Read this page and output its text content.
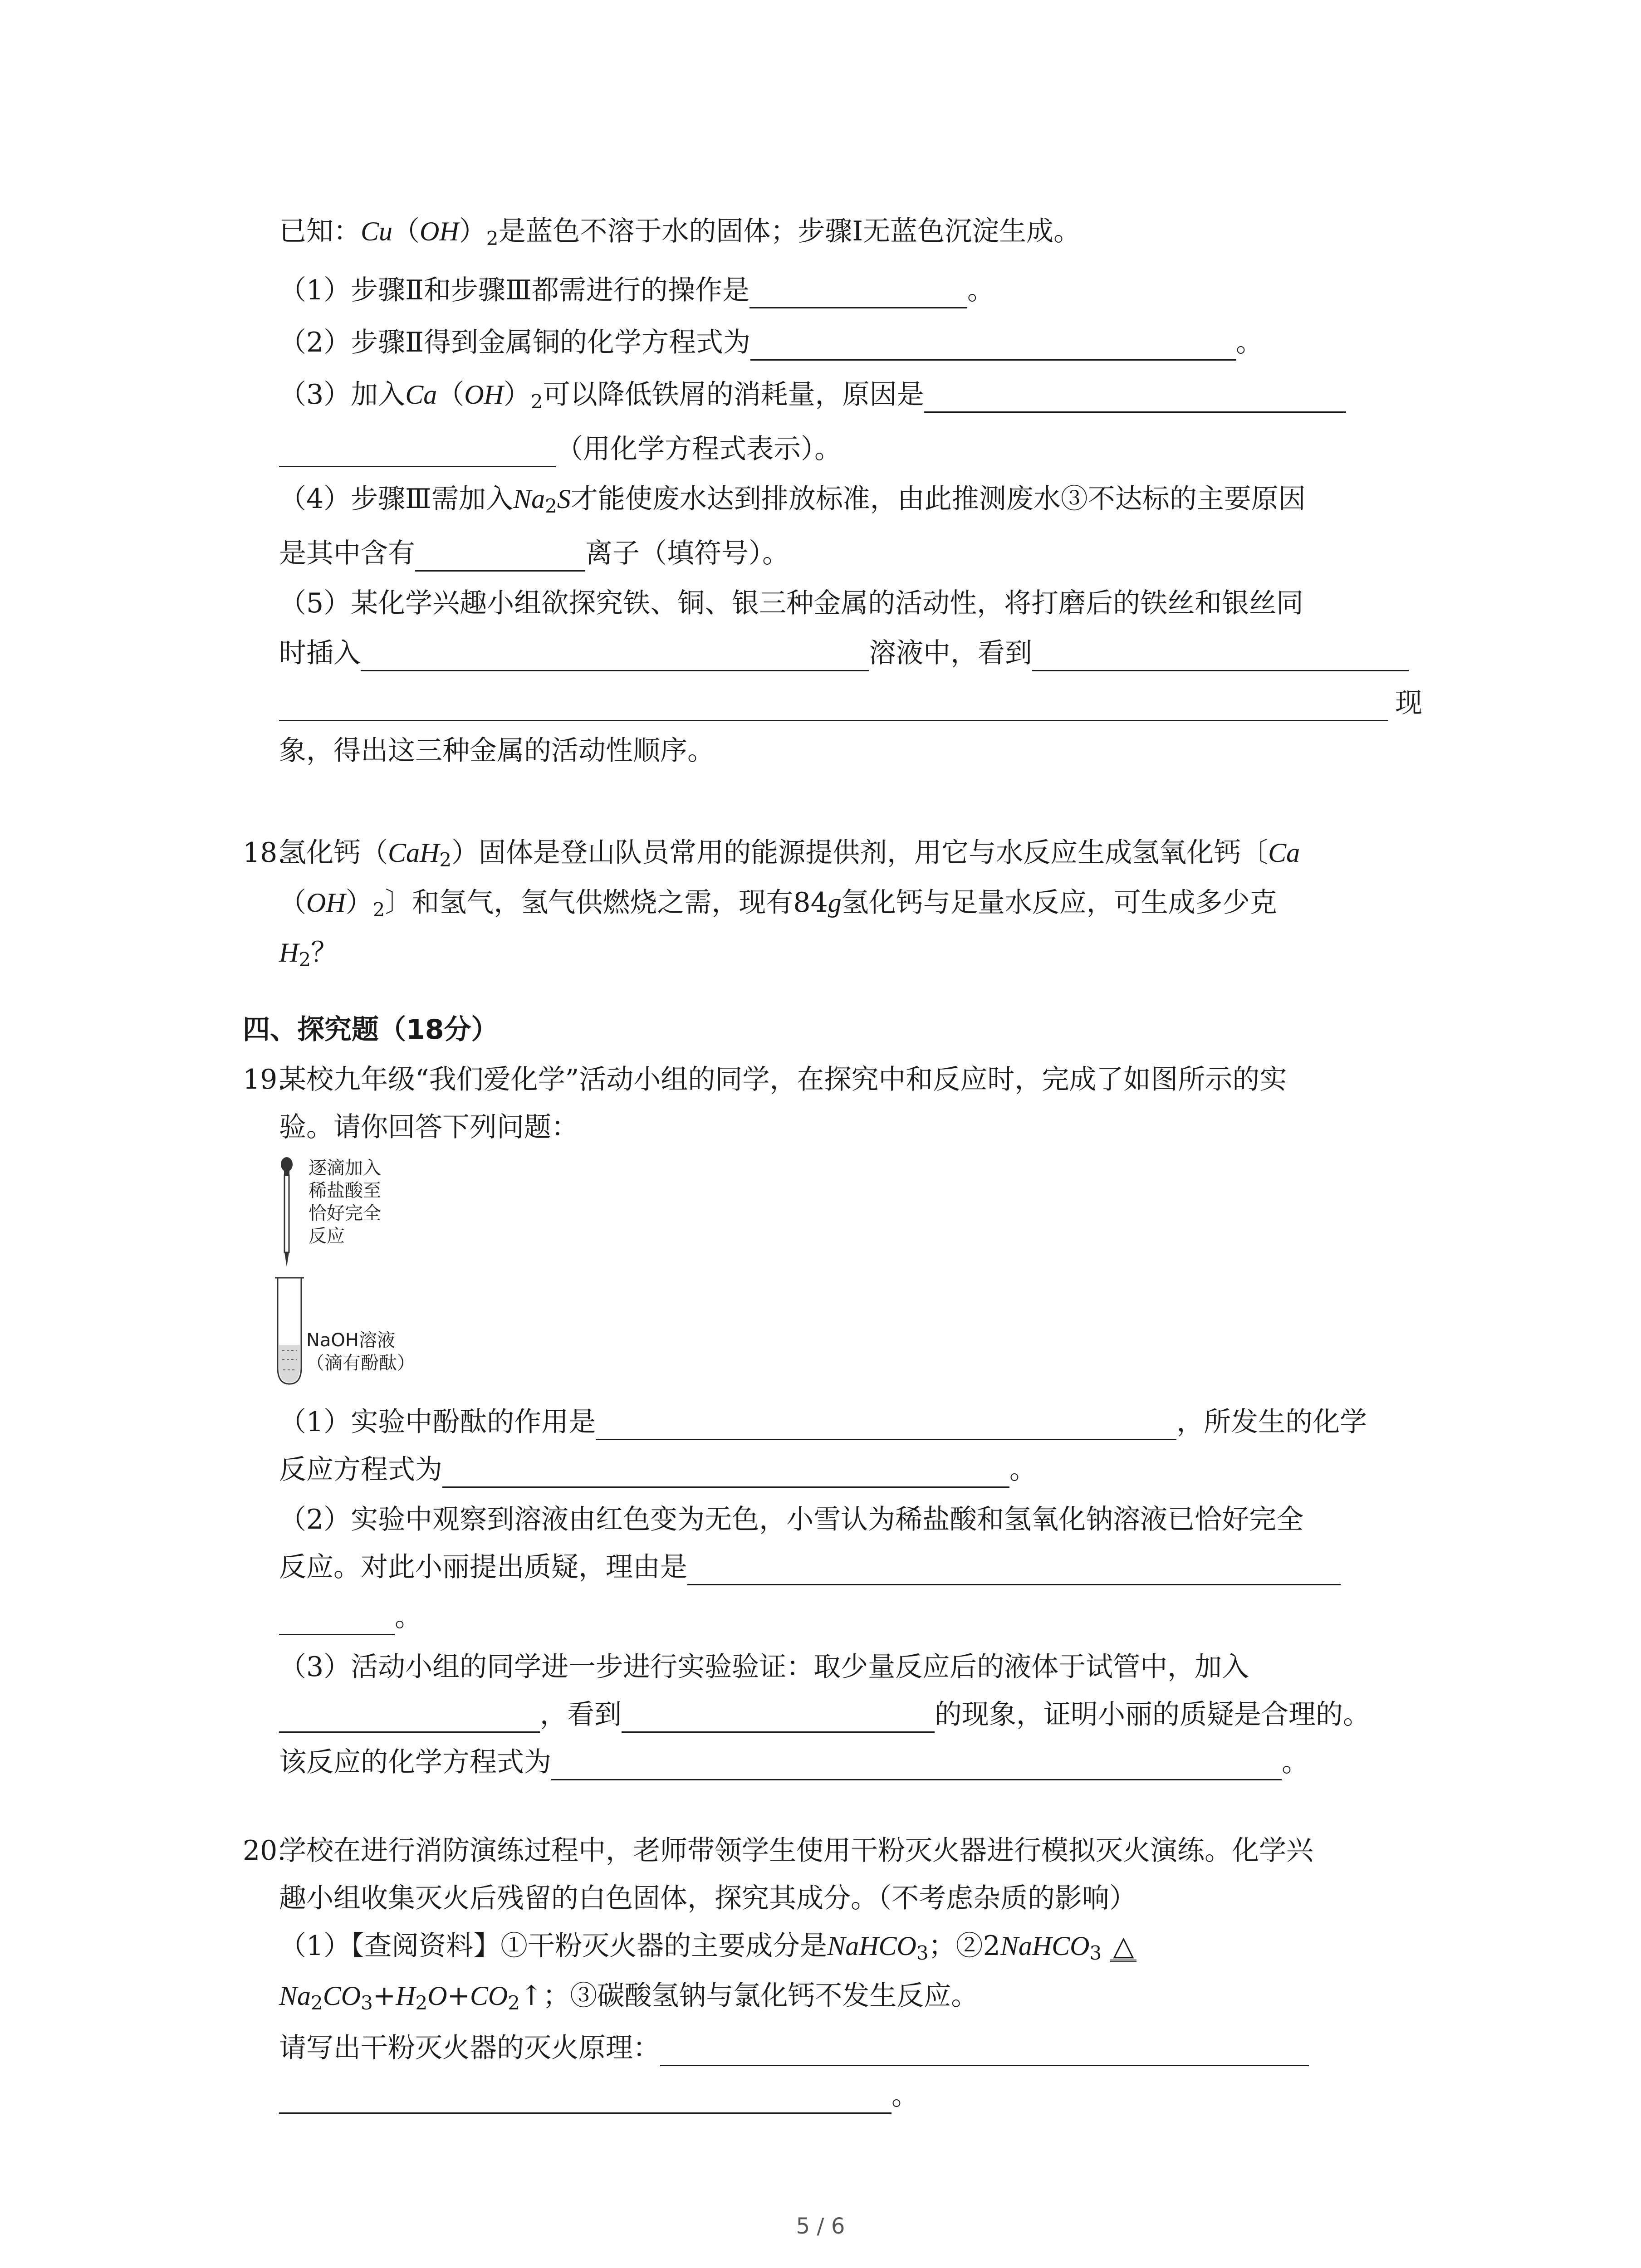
已知：$Cu(OH)_2$是蓝色不溶于水的固体；步骤Ⅰ无蓝色沉淀生成。
（1）步骤Ⅱ和步骤Ⅲ都需进行的操作是	。
（2）步骤Ⅱ得到金属铜的化学方程式为	。
（3）加入$Ca(OH)_2$可以降低铁屑的消耗量，原因是
（用化学方程式表示）。
（4）步骤Ⅲ需加入$Na_2S$才能使废水达到排放标准，由此推测废水③不达标的主要原因
是其中含有	离子（填符号）。
（5）某化学兴趣小组欲探究铁、铜、银三种金属的活动性，将打磨后的铁丝和银丝同
时插入	溶液中，看到
现
象，得出这三种金属的活动性顺序。
18.
氢化钙（CaH$_2$）固体是登山队员常用的能源提供剂，用它与水反应生成氢氧化钙〔Ca
$(OH)_2$〕和氢气，氢气供燃烧之需，现有84g氢化钙与足量水反应，可生成多少克
$H_2$？
四、探究题（18分）
19.
某校九年级“我们爱化学”活动小组的同学，在探究中和反应时，完成了如图所示的实
验。请你回答下列问题：
逐滴加入
稀盐酸至
恰好完全
反应
NaOH溶液
（滴有酚酞）
（1）实验中酚酞的作用是	，所发生的化学
反应方程式为	。
（2）实验中观察到溶液由红色变为无色，小雪认为稀盐酸和氢氧化钠溶液已恰好完全
反应。对此小丽提出质疑，理由是
。
（3）活动小组的同学进一步进行实验验证：取少量反应后的液体于试管中，加入
，看到	的现象，证明小丽的质疑是合理的。
该反应的化学方程式为	。
20.
学校在进行消防演练过程中，老师带领学生使用干粉灭火器进行模拟灭火演练。化学兴
趣小组收集灭火后残留的白色固体，探究其成分。（不考虑杂质的影响）
（1）【查阅资料】①干粉灭火器的主要成分是NaHCO$_3$；②2NaHCO$_3$ △
$Na_2CO_3+H_2O+CO_2↑$；③碳酸氢钠与氯化钙不发生反应。
请写出干粉灭火器的灭火原理：
。
5 / 6
